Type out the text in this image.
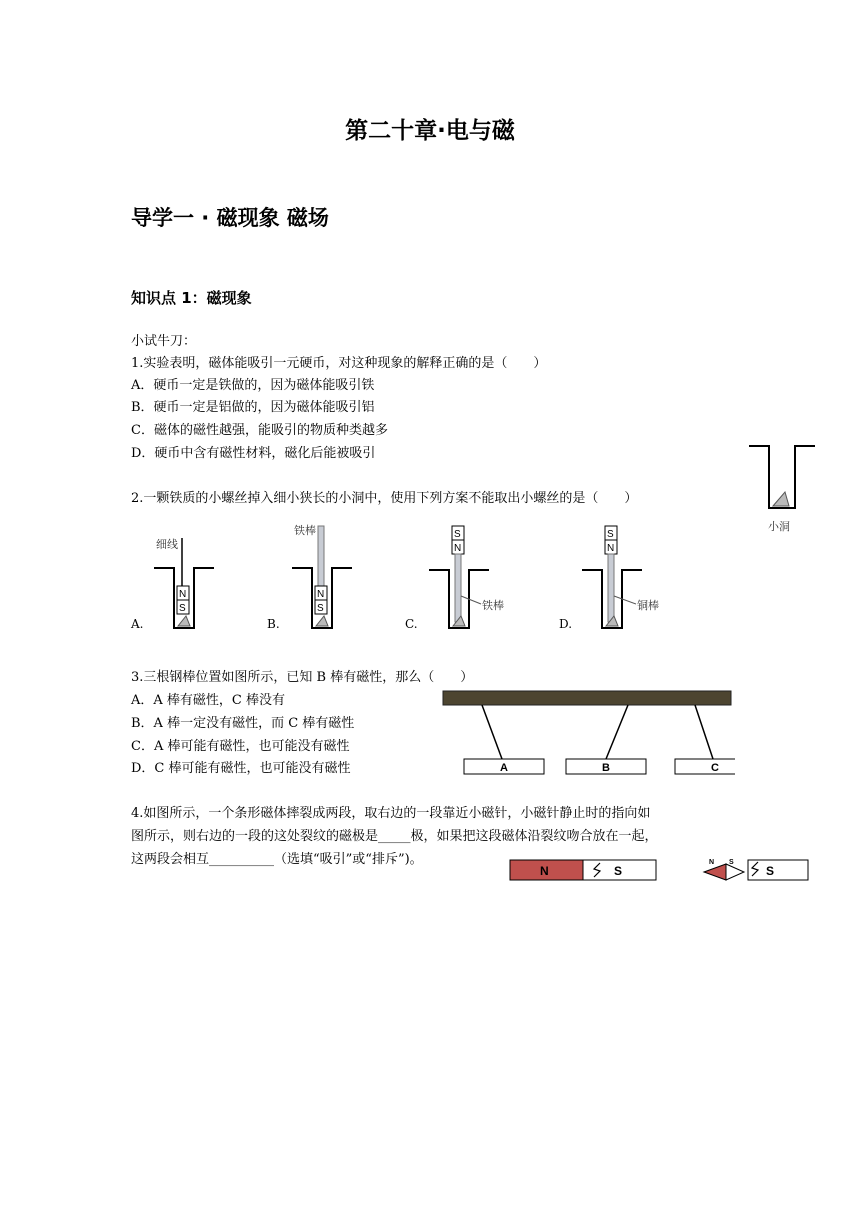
第二十章·电与磁
导学一 · 磁现象 磁场
知识点 1：磁现象
小试牛刀：
1.实验表明，磁体能吸引一元硬币，对这种现象的解释正确的是（　　）
A．硬币一定是铁做的，因为磁体能吸引铁
B．硬币一定是铝做的，因为磁体能吸引铝
C．磁体的磁性越强，能吸引的物质种类越多
D．硬币中含有磁性材料，磁化后能被吸引
2.一颗铁质的小螺丝掉入细小狭长的小洞中，使用下列方案不能取出小螺丝的是（　　）
小洞
细线
N
S
A.
铁棒
N
S
B.
S
N
铁棒
C.
S
N
铜棒
D.
3.三根钢棒位置如图所示，已知 B 棒有磁性，那么（　　）
A．A 棒有磁性，C 棒没有
B．A 棒一定没有磁性，而 C 棒有磁性
C．A 棒可能有磁性，也可能没有磁性
D．C 棒可能有磁性，也可能没有磁性	A	B	C
4.如图所示，一个条形磁体摔裂成两段，取右边的一段靠近小磁针，小磁针静止时的指向如
图所示，则右边的一段的这处裂纹的磁极是_____极，如果把这段磁体沿裂纹吻合放在一起，
这两段会相互__________（选填“吸引”或“排斥”)。
N	S
N S
S
